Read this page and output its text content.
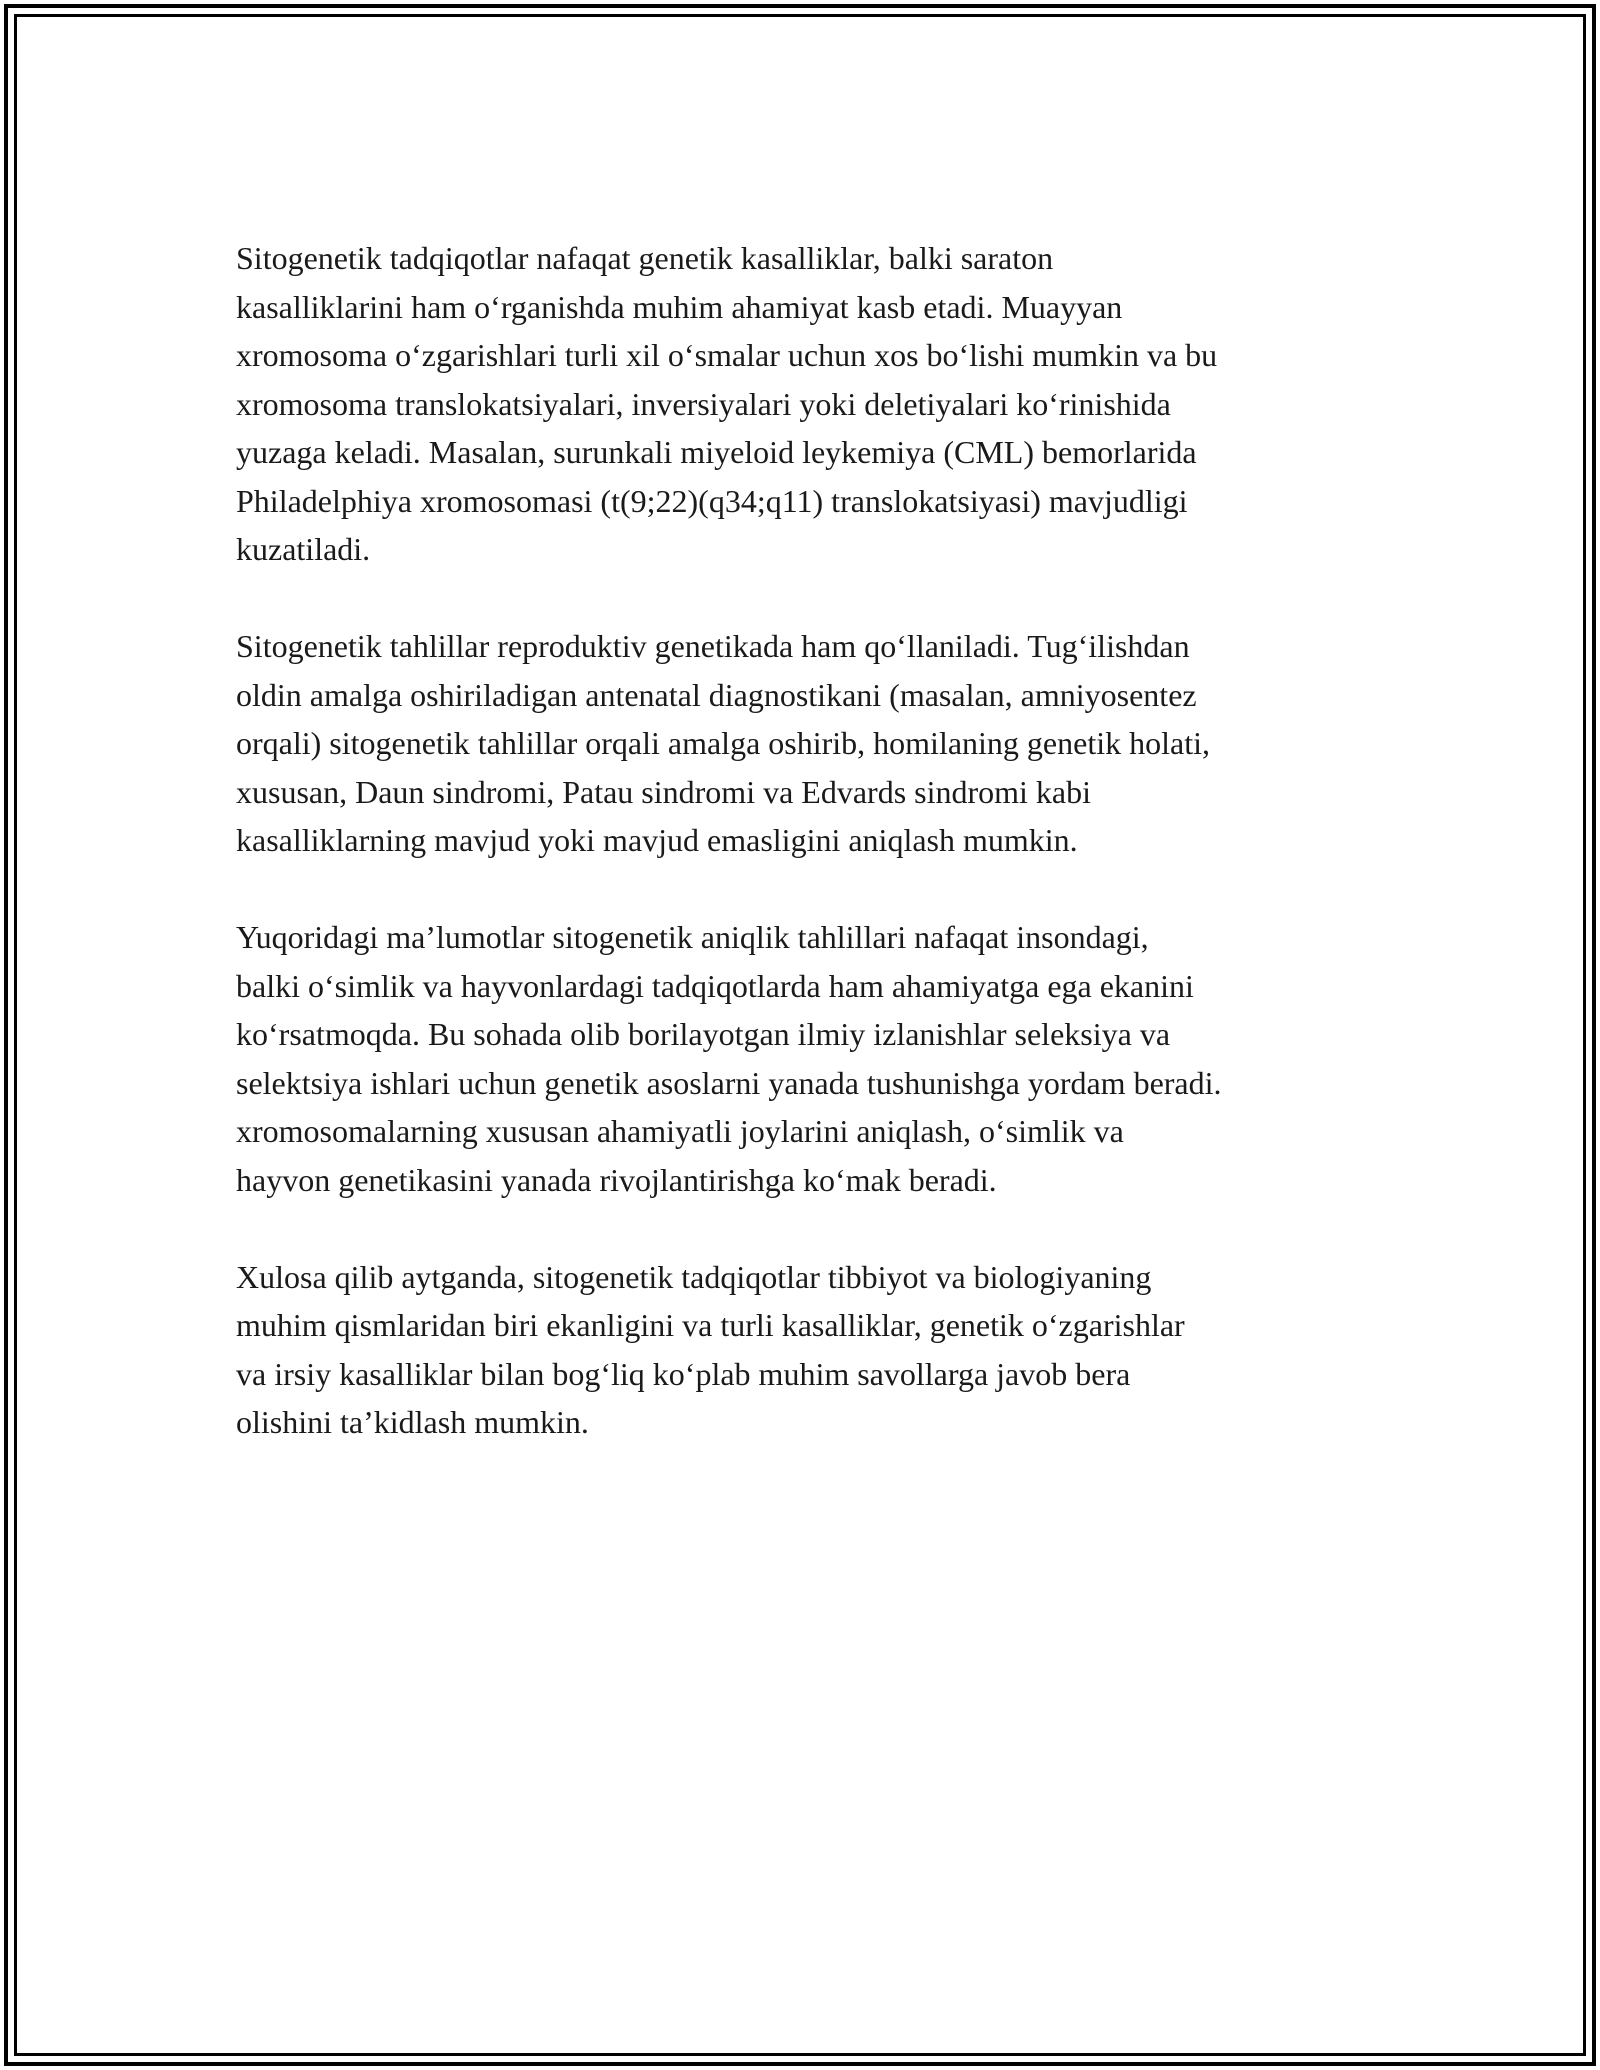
Sitogenetik tadqiqotlar nafaqat genetik kasalliklar, balki saraton
kasalliklarini ham o‘rganishda muhim ahamiyat kasb etadi. Muayyan
xromosoma o‘zgarishlari turli xil o‘smalar uchun xos bo‘lishi mumkin va bu
xromosoma translokatsiyalari, inversiyalari yoki deletiyalari ko‘rinishida
yuzaga keladi. Masalan, surunkali miyeloid leykemiya (CML) bemorlarida
Philadelphiya xromosomasi (t(9;22)(q34;q11) translokatsiyasi) mavjudligi
kuzatiladi.

Sitogenetik tahlillar reproduktiv genetikada ham qo‘llaniladi. Tug‘ilishdan
oldin amalga oshiriladigan antenatal diagnostikani (masalan, amniyosentez
orqali) sitogenetik tahlillar orqali amalga oshirib, homilaning genetik holati,
xususan, Daun sindromi, Patau sindromi va Edvards sindromi kabi
kasalliklarning mavjud yoki mavjud emasligini aniqlash mumkin.

Yuqoridagi ma’lumotlar sitogenetik aniqlik tahlillari nafaqat insondagi,
balki o‘simlik va hayvonlardagi tadqiqotlarda ham ahamiyatga ega ekanini
ko‘rsatmoqda. Bu sohada olib borilayotgan ilmiy izlanishlar seleksiya va
selektsiya ishlari uchun genetik asoslarni yanada tushunishga yordam beradi.
xromosomalarning xususan ahamiyatli joylarini aniqlash, o‘simlik va
hayvon genetikasini yanada rivojlantirishga ko‘mak beradi.

Xulosa qilib aytganda, sitogenetik tadqiqotlar tibbiyot va biologiyaning
muhim qismlaridan biri ekanligini va turli kasalliklar, genetik o‘zgarishlar
va irsiy kasalliklar bilan bog‘liq ko‘plab muhim savollarga javob bera
olishini ta’kidlash mumkin.
